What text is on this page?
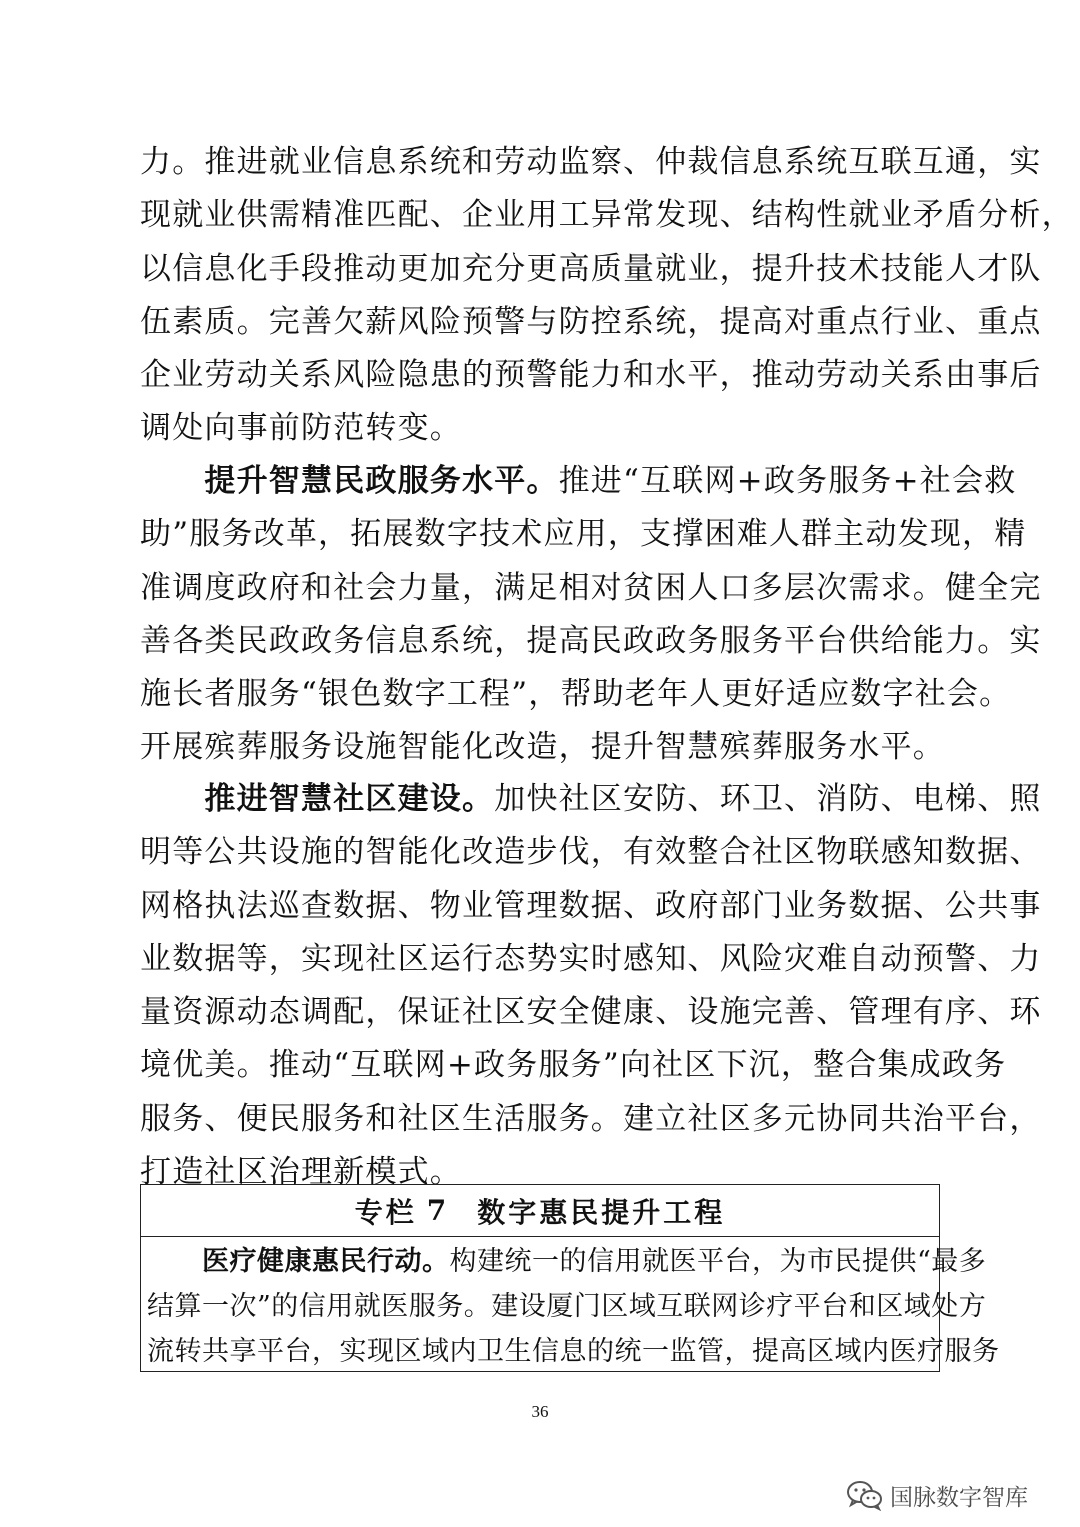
力。推进就业信息系统和劳动监察、仲裁信息系统互联互通，实
现就业供需精准匹配、企业用工异常发现、结构性就业矛盾分析，
以信息化手段推动更加充分更高质量就业，提升技术技能人才队
伍素质。完善欠薪风险预警与防控系统，提高对重点行业、重点
企业劳动关系风险隐患的预警能力和水平，推动劳动关系由事后
调处向事前防范转变。
　　提升智慧民政服务水平。推进“互联网+政务服务+社会救
助”服务改革，拓展数字技术应用，支撑困难人群主动发现，精
准调度政府和社会力量，满足相对贫困人口多层次需求。健全完
善各类民政政务信息系统，提高民政政务服务平台供给能力。实
施长者服务“银色数字工程”，帮助老年人更好适应数字社会。
开展殡葬服务设施智能化改造，提升智慧殡葬服务水平。
　　推进智慧社区建设。加快社区安防、环卫、消防、电梯、照
明等公共设施的智能化改造步伐，有效整合社区物联感知数据、
网格执法巡查数据、物业管理数据、政府部门业务数据、公共事
业数据等，实现社区运行态势实时感知、风险灾难自动预警、力
量资源动态调配，保证社区安全健康、设施完善、管理有序、环
境优美。推动“互联网+政务服务”向社区下沉，整合集成政务
服务、便民服务和社区生活服务。建立社区多元协同共治平台，
打造社区治理新模式。
专栏 7 数字惠民提升工程
　　医疗健康惠民行动。构建统一的信用就医平台，为市民提供“最多
结算一次”的信用就医服务。建设厦门区域互联网诊疗平台和区域处方
流转共享平台，实现区域内卫生信息的统一监管，提高区域内医疗服务
36
国脉数字智库
